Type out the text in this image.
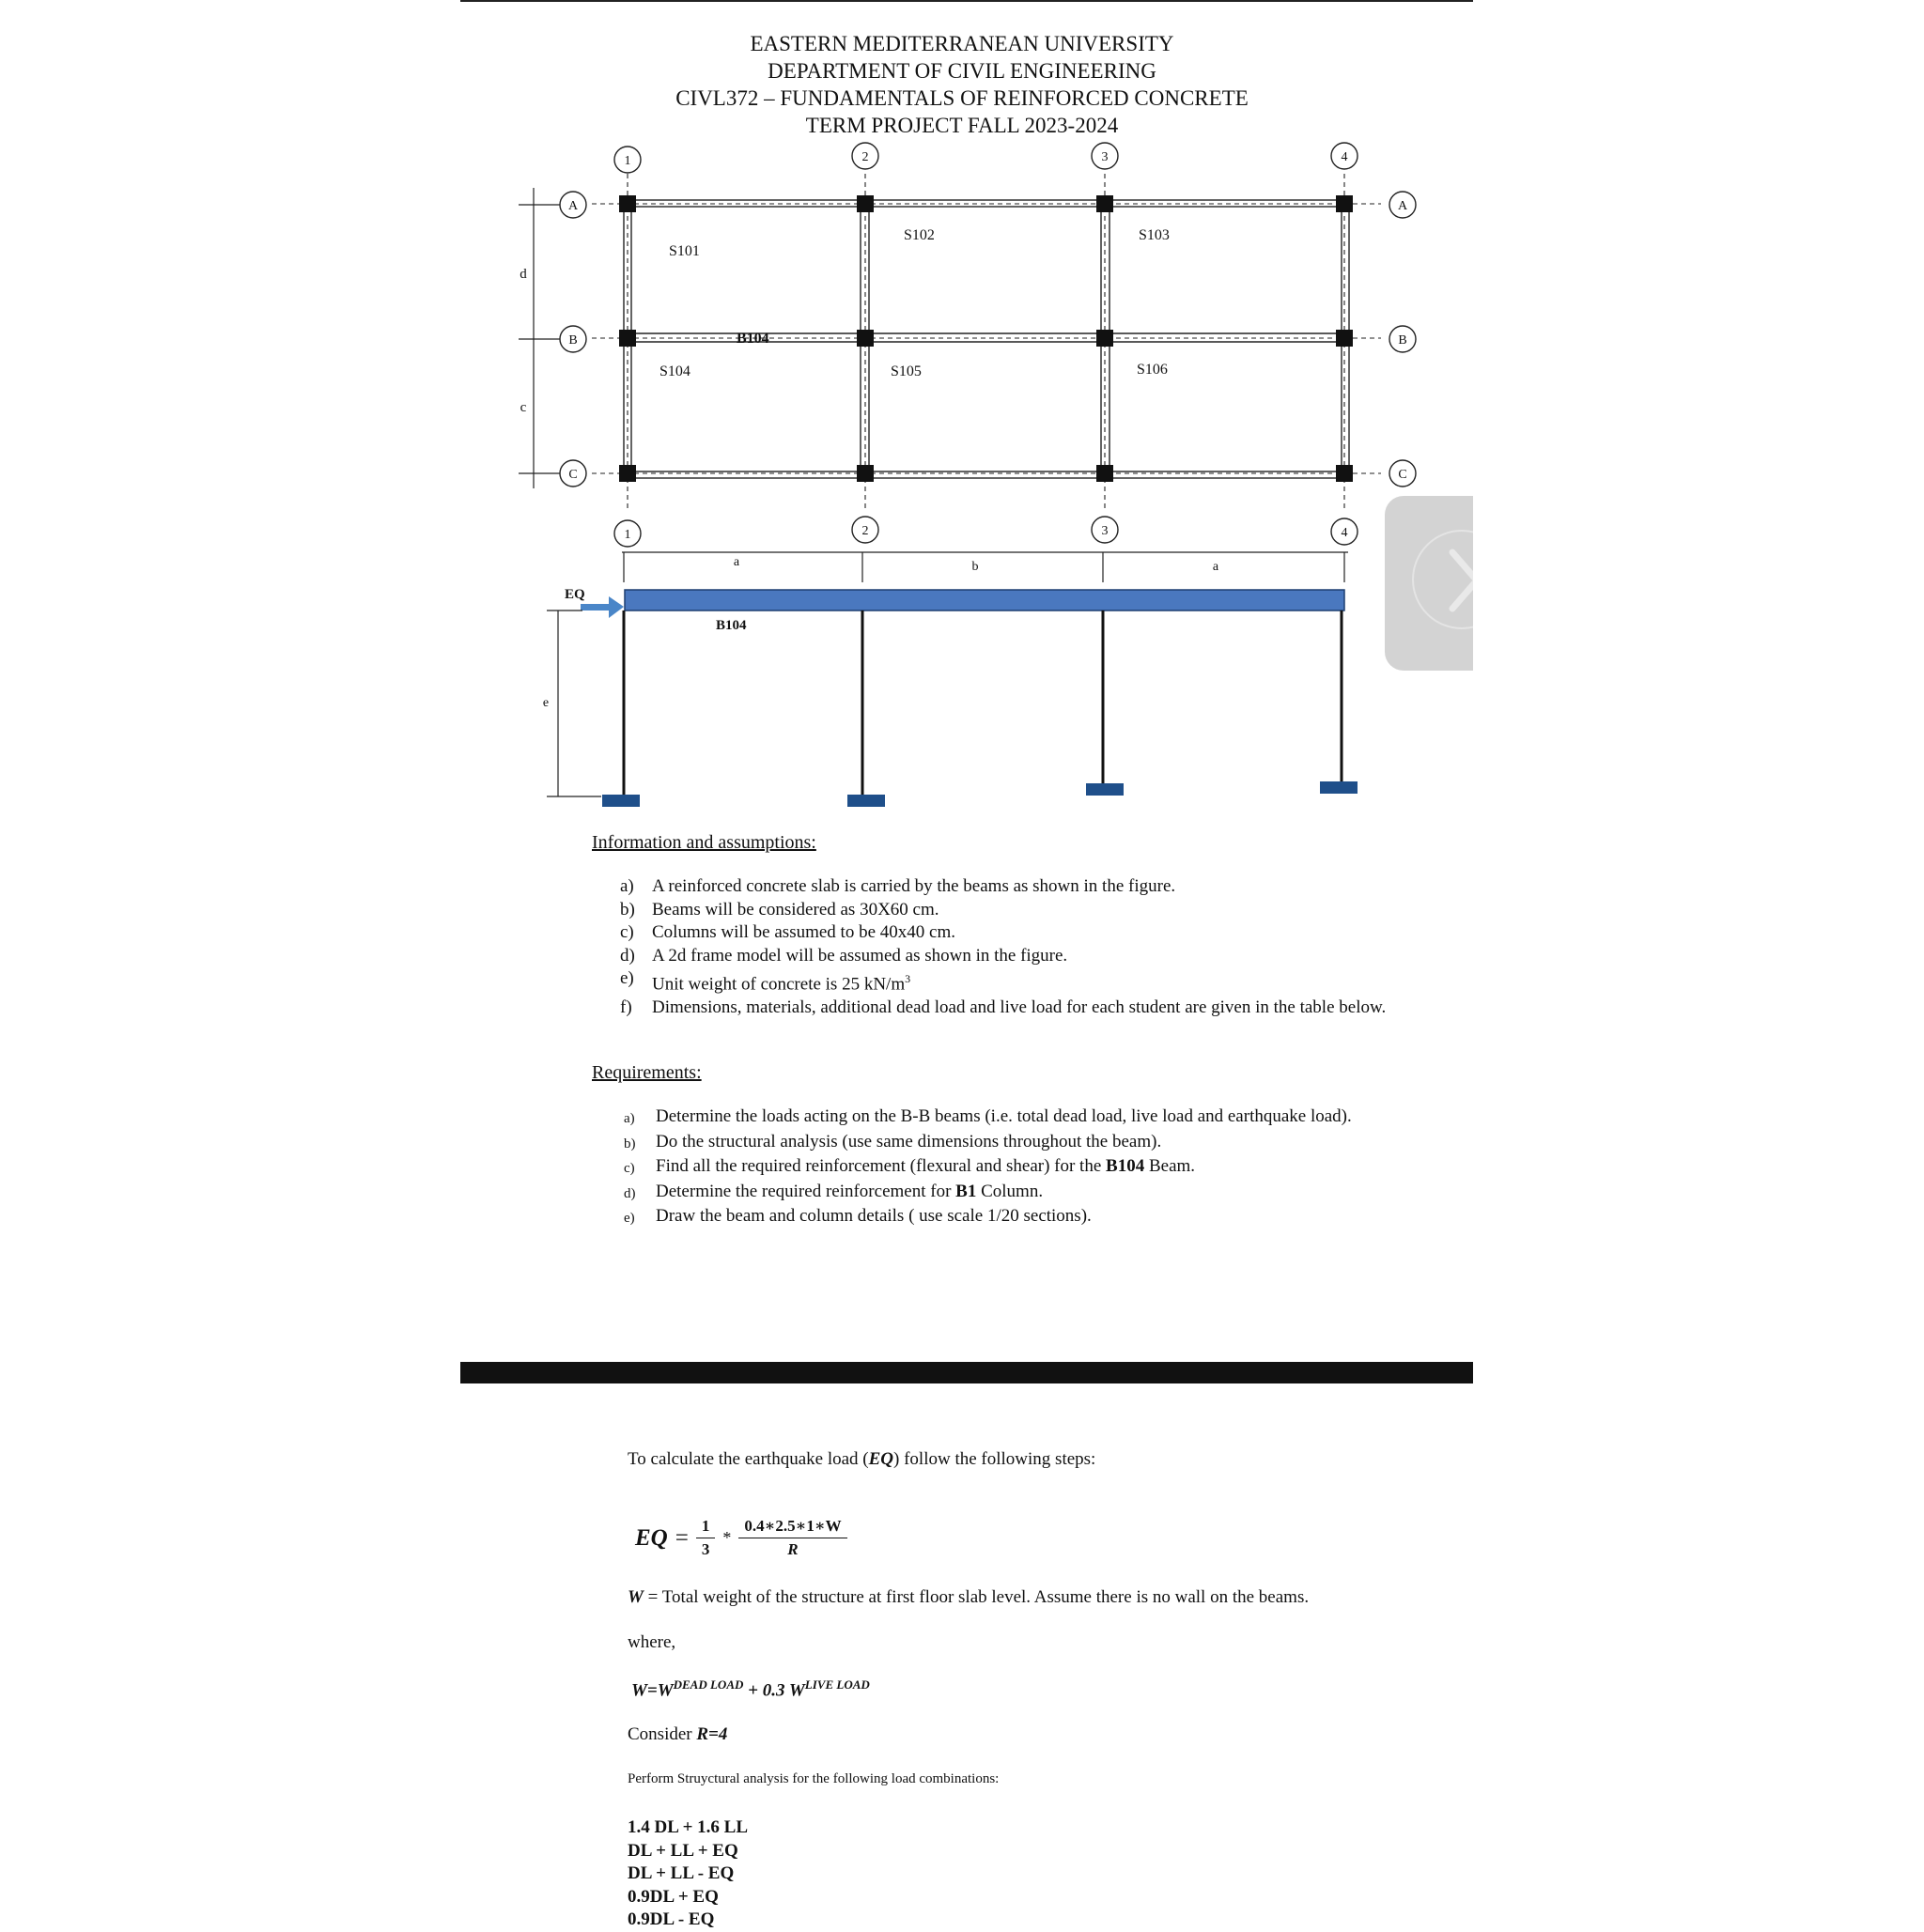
EASTERN MEDITERRANEAN UNIVERSITY
DEPARTMENT OF CIVIL ENGINEERING
CIVL372 – FUNDAMENTALS OF REINFORCED CONCRETE
TERM PROJECT FALL 2023-2024
1	2	3	4
1	2	3	4
A
B
C
A
B
C
d
c
S101
S102	S103
S104	S105	S106
B104
a	b	a
EQ
B104
e
Information and assumptions:
a)	A reinforced concrete slab is carried by the beams as shown in the figure.
b) Beams will be considered as 30X60 cm.
c)	Columns will be assumed to be 40x40 cm.
d) A 2d frame model will be assumed as shown in the figure.
e)	Unit weight of concrete is 25 $kN/m^3$
f)	Dimensions, materials, additional dead load and live load for each student are given in the table below.
Requirements:
a)	Determine the loads acting on the B-B beams (i.e. total dead load, live load and earthquake load).
b)	Do the structural analysis (use same dimensions throughout the beam).
c)	Find all the required reinforcement (flexural and shear) for the B104 Beam.
d)	Determine the required reinforcement for B1 Column.
e)	Draw the beam and column details ( use scale 1/20 sections).
To calculate the earthquake load (EQ) follow the following steps:
EQ = $\frac{1}{3} * \frac{0.4∗2.5∗1∗W}{R}$
W = Total weight of the structure at first floor slab level. Assume there is no wall on the beams.
where,
$W=W^{DEAD LOAD} + 0.3$ $W^{LIVE LOAD}$
Consider R=4
Perform Struyctural analysis for the following load combinations:
1.4 DL + 1.6 LL
DL + LL + EQ
DL + LL - EQ
0.9DL + EQ
0.9DL - EQ
